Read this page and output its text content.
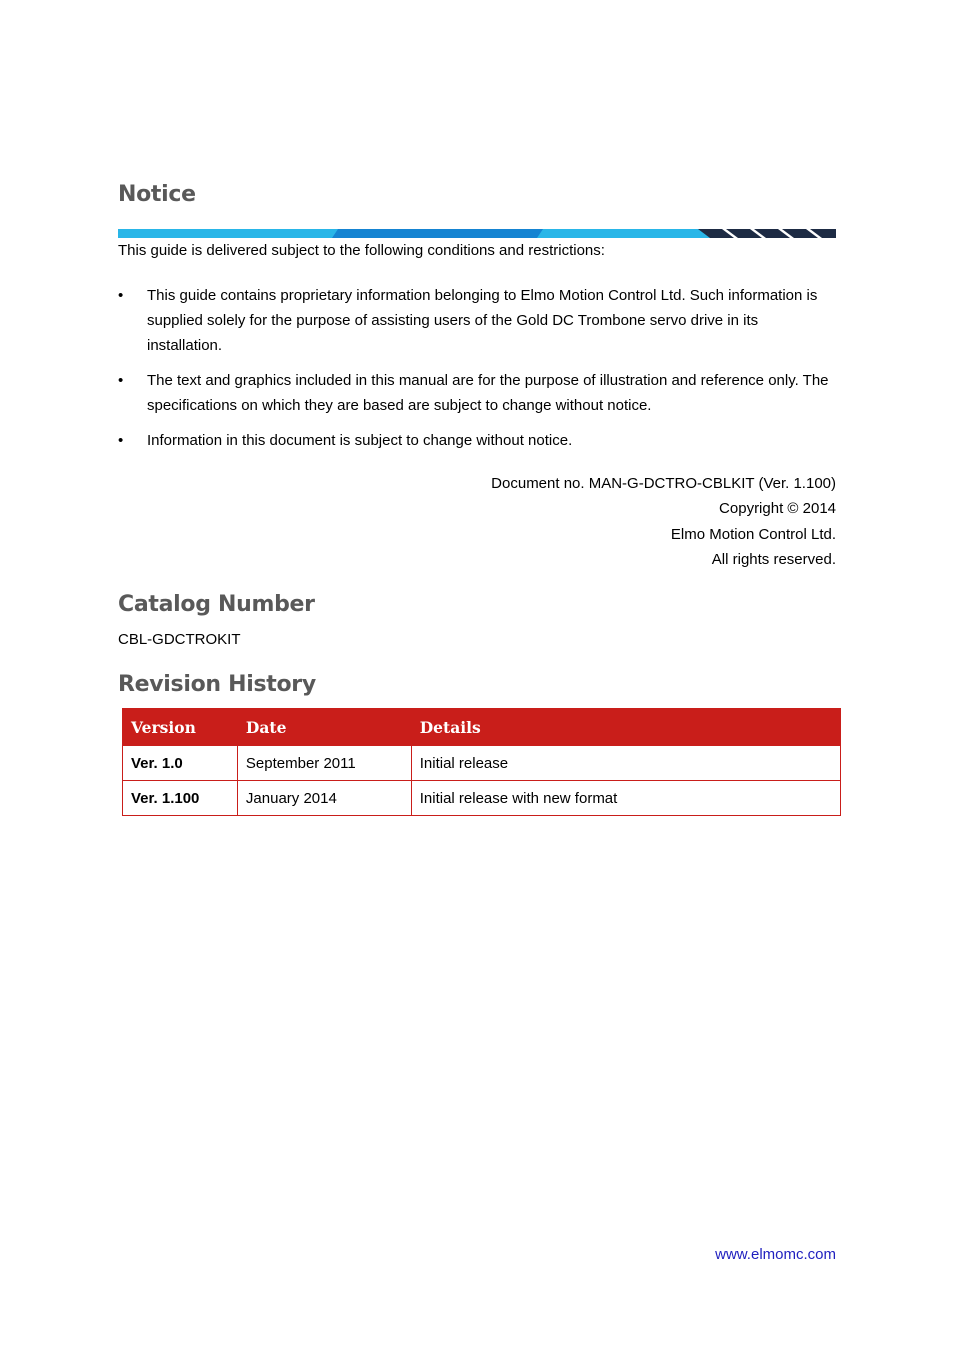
Notice
This guide is delivered subject to the following conditions and restrictions:
• This guide contains proprietary information belonging to Elmo Motion Control Ltd. Such information is supplied solely for the purpose of assisting users of the Gold DC Trombone servo drive in its installation.
• The text and graphics included in this manual are for the purpose of illustration and reference only. The specifications on which they are based are subject to change without notice.
• Information in this document is subject to change without notice.
Document no. MAN-G-DCTRO-CBLKIT (Ver. 1.100)
Copyright © 2014
Elmo Motion Control Ltd.
All rights reserved.
Catalog Number
CBL-GDCTROKIT
Revision History
Version	Date	Details
Ver. 1.0	September 2011	Initial release
Ver. 1.100	January 2014	Initial release with new format
www.elmomc.com
